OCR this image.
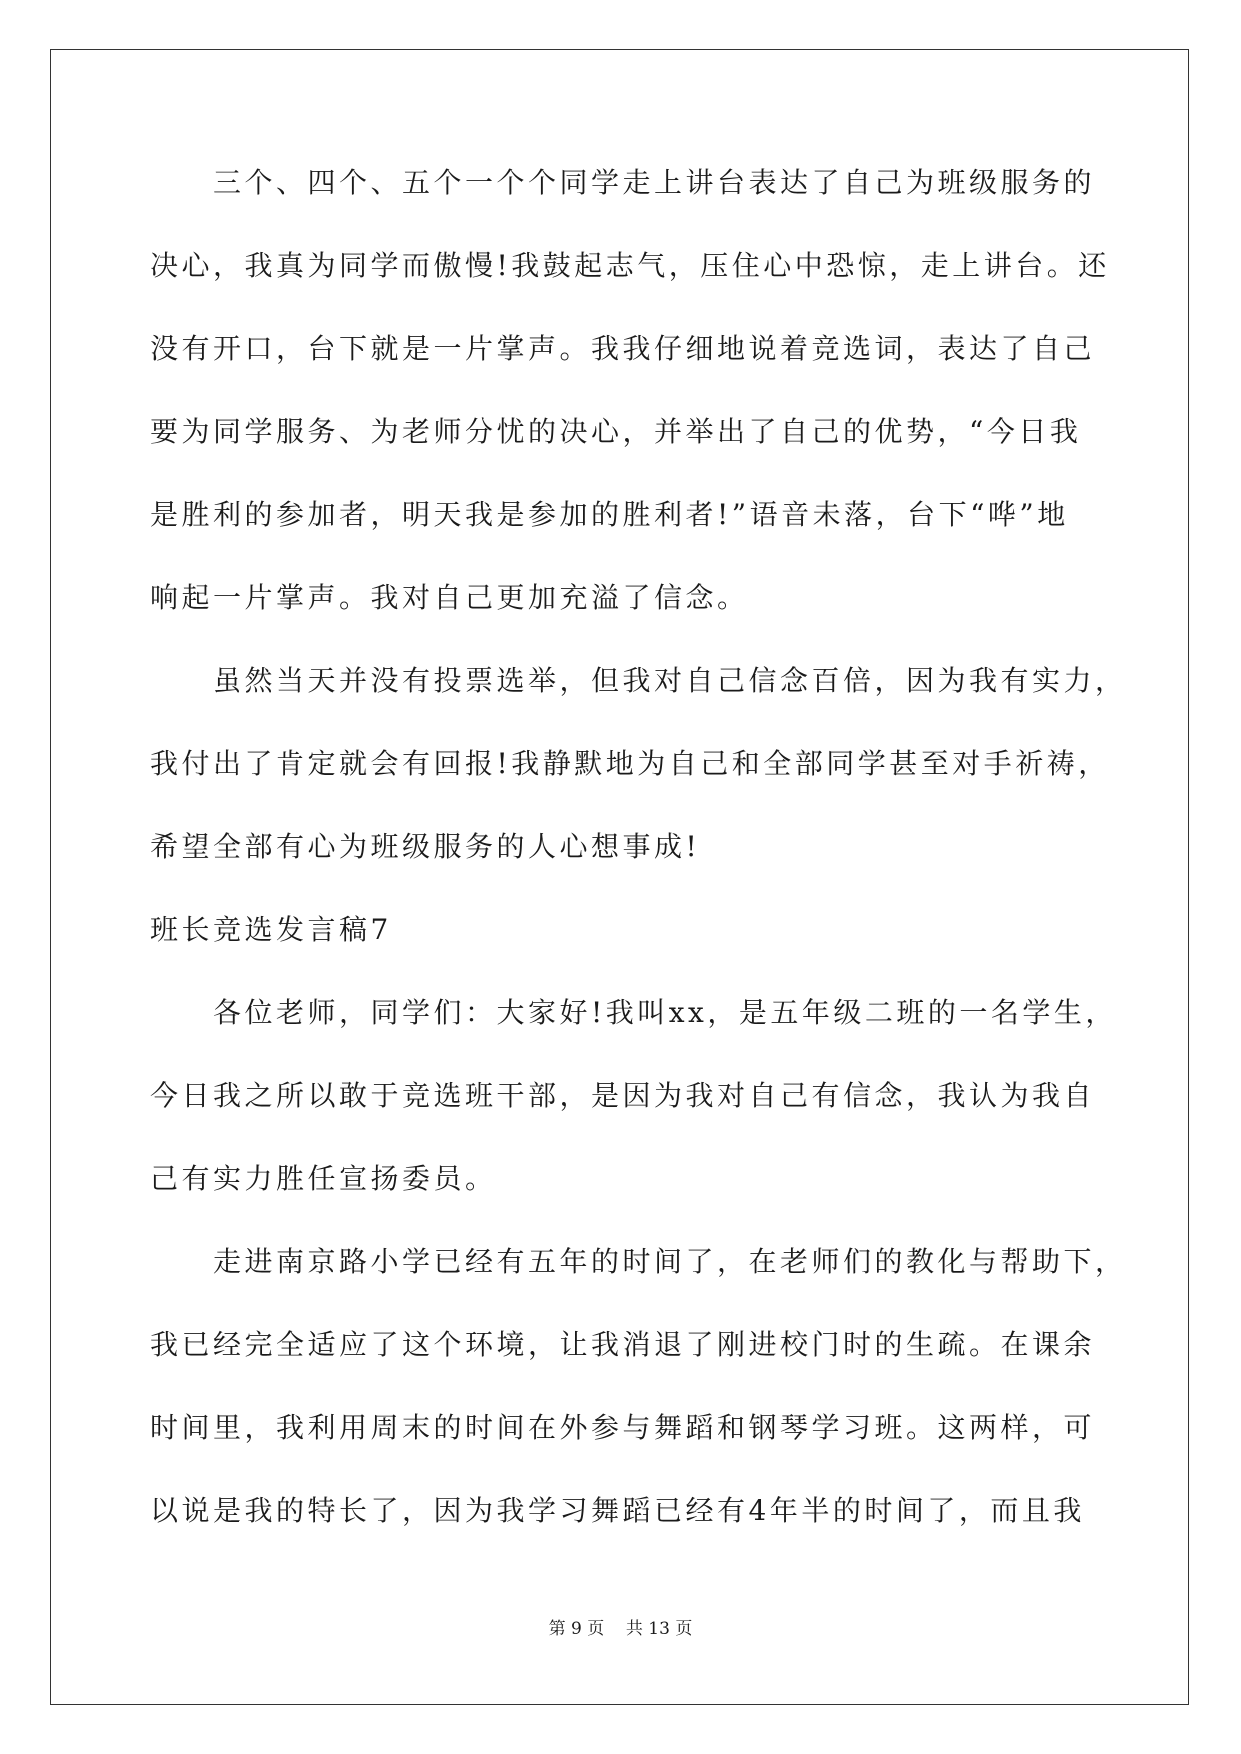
三个、四个、五个一个个同学走上讲台表达了自己为班级服务的
决心，我真为同学而傲慢!我鼓起志气，压住心中恐惊，走上讲台。还
没有开口，台下就是一片掌声。我我仔细地说着竞选词，表达了自己
要为同学服务、为老师分忧的决心，并举出了自己的优势，“今日我
是胜利的参加者，明天我是参加的胜利者!”语音未落，台下“哗”地
响起一片掌声。我对自己更加充溢了信念。
虽然当天并没有投票选举，但我对自己信念百倍，因为我有实力，
我付出了肯定就会有回报!我静默地为自己和全部同学甚至对手祈祷，
希望全部有心为班级服务的人心想事成!
班长竞选发言稿7
各位老师，同学们：大家好!我叫xx，是五年级二班的一名学生，
今日我之所以敢于竞选班干部，是因为我对自己有信念，我认为我自
己有实力胜任宣扬委员。
走进南京路小学已经有五年的时间了，在老师们的教化与帮助下，
我已经完全适应了这个环境，让我消退了刚进校门时的生疏。在课余
时间里，我利用周末的时间在外参与舞蹈和钢琴学习班。这两样，可
以说是我的特长了，因为我学习舞蹈已经有4年半的时间了，而且我
第 9 页    共 13 页
